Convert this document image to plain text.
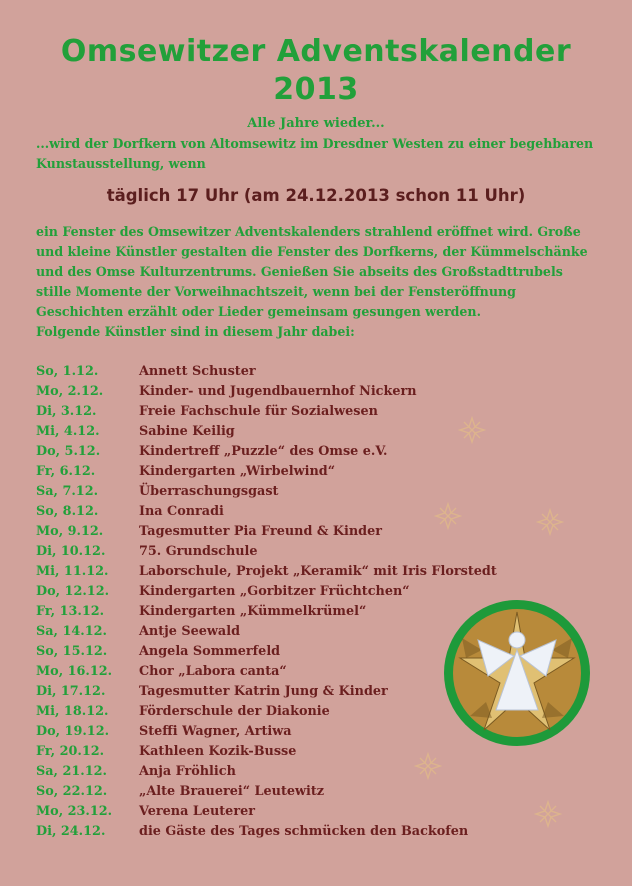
Omsewitzer Adventskalender
2013
Alle Jahre wieder...
...wird der Dorfkern von Altomsewitz im Dresdner Westen zu einer begehbaren Kunstausstellung, wenn
täglich 17 Uhr (am 24.12.2013 schon 11 Uhr)
ein Fenster des Omsewitzer Adventskalenders strahlend eröffnet wird. Große und kleine Künstler gestalten die Fenster des Dorfkerns, der Kümmelschänke und des Omse Kulturzentrums. Genießen Sie abseits des Großstadttrubels stille Momente der Vorweihnachtszeit, wenn bei der Fensteröffnung Geschichten erzählt oder Lieder gemeinsam gesungen werden.
Folgende Künstler sind in diesem Jahr dabei:
So, 1.12.	Annett Schuster
Mo, 2.12.	Kinder- und Jugendbauernhof Nickern
Di, 3.12.	Freie Fachschule für Sozialwesen
Mi, 4.12.	Sabine Keilig
Do, 5.12.	Kindertreff „Puzzle“ des Omse e.V.
Fr, 6.12.	Kindergarten „Wirbelwind“
Sa, 7.12.	Überraschungsgast
So, 8.12.	Ina Conradi
Mo, 9.12.	Tagesmutter Pia Freund & Kinder
Di, 10.12.	75. Grundschule
Mi, 11.12. Laborschule, Projekt „Keramik“ mit Iris Florstedt
Do, 12.12. Kindergarten „Gorbitzer Früchtchen“
Fr, 13.12.	Kindergarten „Kümmelkrümel“
Sa, 14.12.	Antje Seewald
So, 15.12. Angela Sommerfeld
Mo, 16.12. Chor „Labora canta“
Di, 17.12.	Tagesmutter Katrin Jung & Kinder
Mi, 18.12. Förderschule der Diakonie
Do, 19.12. Steffi Wagner, Artiwa
Fr, 20.12.	Kathleen Kozik-Busse
Sa, 21.12.	Anja Fröhlich
So, 22.12. „Alte Brauerei“ Leutewitz
Mo, 23.12. Verena Leuterer
Di, 24.12.	die Gäste des Tages schmücken den Backofen
